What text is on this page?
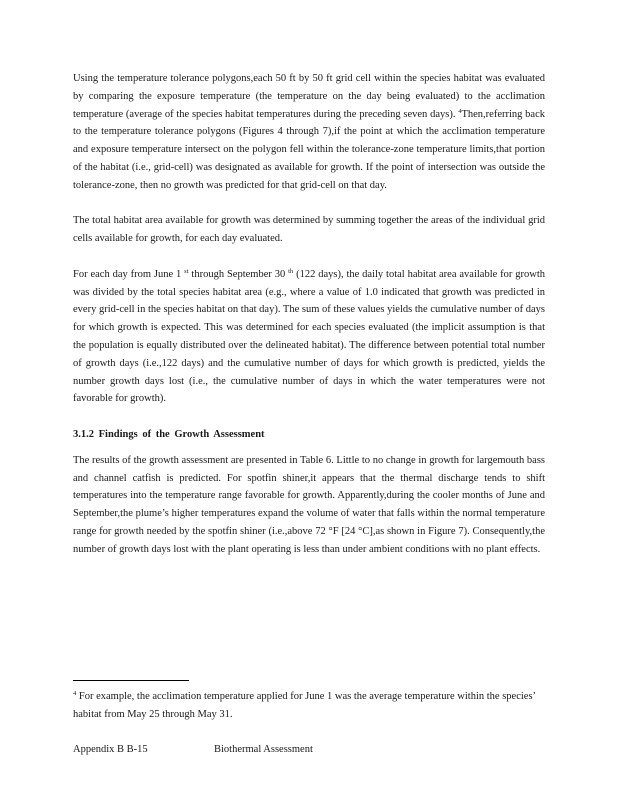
Using the temperature tolerance polygons,each 50 ft by 50 ft grid cell within the species habitat was evaluated by comparing the exposure temperature (the temperature on the day being evaluated) to the acclimation temperature (average of the species habitat temperatures during the preceding seven days). $^4$Then,referring back to the temperature tolerance polygons (Figures 4 through 7),if the point at which the acclimation temperature and exposure temperature intersect on the polygon fell within the tolerance-zone temperature limits,that portion of the habitat (i.e., grid-cell) was designated as available for growth. If the point of intersection was outside the tolerance-zone, then no growth was predicted for that grid-cell on that day.

The total habitat area available for growth was determined by summing together the areas of the individual grid cells available for growth, for each day evaluated.

For each day from June 1 $^{st}$ through September 30 $^{th}$ (122 days), the daily total habitat area available for growth was divided by the total species habitat area (e.g., where a value of 1.0 indicated that growth was predicted in every grid-cell in the species habitat on that day). The sum of these values yields the cumulative number of days for which growth is expected. This was determined for each species evaluated (the implicit assumption is that the population is equally distributed over the delineated habitat). The difference between potential total number of growth days (i.e.,122 days) and the cumulative number of days for which growth is predicted, yields the number growth days lost (i.e., the cumulative number of days in which the water temperatures were not favorable for growth).

3.1.2 Findings of the Growth Assessment

The results of the growth assessment are presented in Table 6. Little to no change in growth for largemouth bass and channel catfish is predicted. For spotfin shiner,it appears that the thermal discharge tends to shift temperatures into the temperature range favorable for growth. Apparently,during the cooler months of June and September,the plume’s higher temperatures expand the volume of water that falls within the normal temperature range for growth needed by the spotfin shiner (i.e.,above 72 °F [24 °C],as shown in Figure 7). Consequently,the number of growth days lost with the plant operating is less than under ambient conditions with no plant effects.

$^4$ For example, the acclimation temperature applied for June 1 was the average temperature within the species’ habitat from May 25 through May 31.
Appendix B B-15	Biothermal Assessment
